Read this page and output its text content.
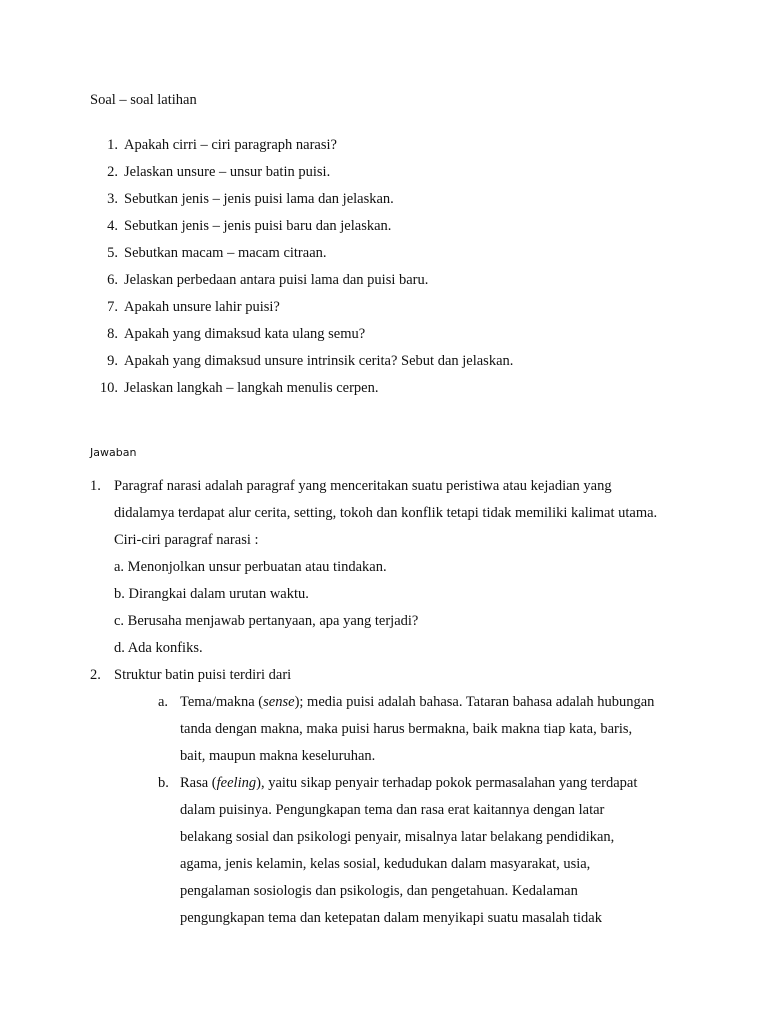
Soal – soal latihan
1. Apakah cirri – ciri paragraph narasi?
2. Jelaskan unsure – unsur batin puisi.
3. Sebutkan jenis – jenis puisi lama dan jelaskan.
4. Sebutkan jenis – jenis puisi baru dan jelaskan.
5. Sebutkan macam – macam citraan.
6. Jelaskan perbedaan antara puisi lama dan puisi baru.
7. Apakah unsure lahir puisi?
8. Apakah yang dimaksud kata ulang semu?
9. Apakah yang dimaksud unsure intrinsik cerita? Sebut dan jelaskan.
10. Jelaskan langkah – langkah menulis cerpen.
Jawaban
1. Paragraf narasi adalah paragraf yang menceritakan suatu peristiwa atau kejadian yang
didalamya terdapat alur cerita, setting, tokoh dan konflik tetapi tidak memiliki kalimat utama.
Ciri-ciri paragraf narasi :
a. Menonjolkan unsur perbuatan atau tindakan.
b. Dirangkai dalam urutan waktu.
c. Berusaha menjawab pertanyaan, apa yang terjadi?
d. Ada konfiks.
2. Struktur batin puisi terdiri dari
a. Tema/makna (sense); media puisi adalah bahasa. Tataran bahasa adalah hubungan
tanda dengan makna, maka puisi harus bermakna, baik makna tiap kata, baris,
bait, maupun makna keseluruhan.
b. Rasa (feeling), yaitu sikap penyair terhadap pokok permasalahan yang terdapat
dalam puisinya. Pengungkapan tema dan rasa erat kaitannya dengan latar
belakang sosial dan psikologi penyair, misalnya latar belakang pendidikan,
agama, jenis kelamin, kelas sosial, kedudukan dalam masyarakat, usia,
pengalaman sosiologis dan psikologis, dan pengetahuan. Kedalaman
pengungkapan tema dan ketepatan dalam menyikapi suatu masalah tidak
